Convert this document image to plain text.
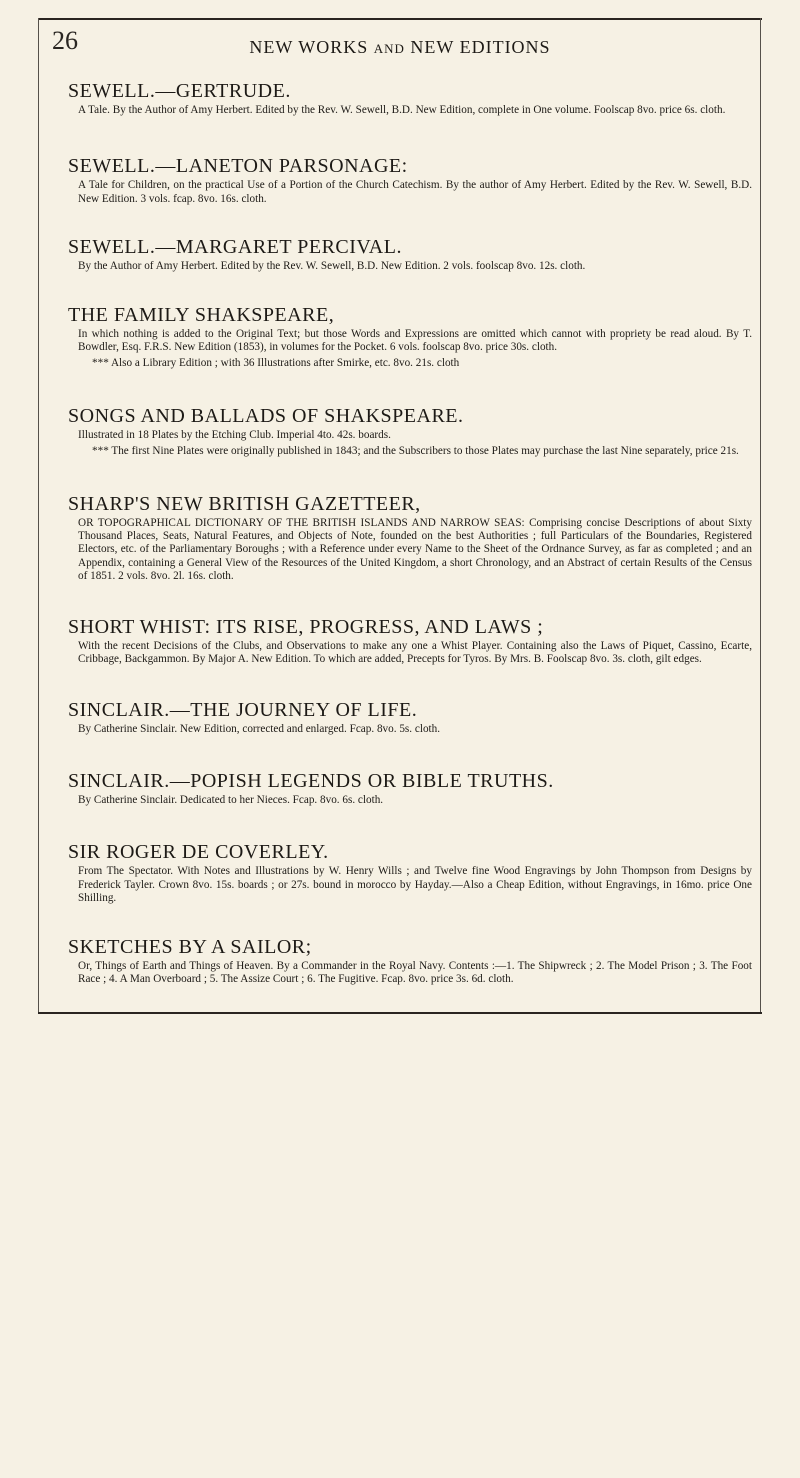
26	NEW WORKS AND NEW EDITIONS
SEWELL.—GERTRUDE.

A Tale. By the Author of Amy Herbert. Edited by the Rev. W. Sewell, B.D. New Edition, complete in One volume. Foolscap 8vo. price 6s. cloth.

SEWELL.—LANETON PARSONAGE:

A Tale for Children, on the practical Use of a Portion of the Church Catechism. By the author of Amy Herbert. Edited by the Rev. W. Sewell, B.D. New Edition. 3 vols. fcap. 8vo. 16s. cloth.

SEWELL.—MARGARET PERCIVAL.

By the Author of Amy Herbert. Edited by the Rev. W. Sewell, B.D. New Edition. 2 vols. foolscap 8vo. 12s. cloth.

THE FAMILY SHAKSPEARE,

In which nothing is added to the Original Text; but those Words and Expressions are omitted which cannot with propriety be read aloud. By T. Bowdler, Esq. F.R.S. New Edition (1853), in volumes for the Pocket. 6 vols. foolscap 8vo. price 30s. cloth.

*** Also a Library Edition ; with 36 Illustrations after Smirke, etc. 8vo. 21s. cloth

SONGS AND BALLADS OF SHAKSPEARE.

Illustrated in 18 Plates by the Etching Club. Imperial 4to. 42s. boards.

*** The first Nine Plates were originally published in 1843; and the Subscribers to those Plates may purchase the last Nine separately, price 21s.

SHARP'S NEW BRITISH GAZETTEER,

OR TOPOGRAPHICAL DICTIONARY OF THE BRITISH ISLANDS AND NARROW SEAS: Comprising concise Descriptions of about Sixty Thousand Places, Seats, Natural Features, and Objects of Note, founded on the best Authorities ; full Particulars of the Boundaries, Registered Electors, etc. of the Parliamentary Boroughs ; with a Reference under every Name to the Sheet of the Ordnance Survey, as far as completed ; and an Appendix, containing a General View of the Resources of the United Kingdom, a short Chronology, and an Abstract of certain Results of the Census of 1851. 2 vols. 8vo. 2l. 16s. cloth.

SHORT WHIST: ITS RISE, PROGRESS, AND LAWS ;

With the recent Decisions of the Clubs, and Observations to make any one a Whist Player. Containing also the Laws of Piquet, Cassino, Ecarte, Cribbage, Backgammon. By Major A. New Edition. To which are added, Precepts for Tyros. By Mrs. B. Foolscap 8vo. 3s. cloth, gilt edges.

SINCLAIR.—THE JOURNEY OF LIFE.

By Catherine Sinclair. New Edition, corrected and enlarged. Fcap. 8vo. 5s. cloth.

SINCLAIR.—POPISH LEGENDS OR BIBLE TRUTHS.

By Catherine Sinclair. Dedicated to her Nieces. Fcap. 8vo. 6s. cloth.

SIR ROGER DE COVERLEY.

From The Spectator. With Notes and Illustrations by W. Henry Wills ; and Twelve fine Wood Engravings by John Thompson from Designs by Frederick Tayler. Crown 8vo. 15s. boards ; or 27s. bound in morocco by Hayday.—Also a Cheap Edition, without Engravings, in 16mo. price One Shilling.

SKETCHES BY A SAILOR;

Or, Things of Earth and Things of Heaven. By a Commander in the Royal Navy. Contents :—1. The Shipwreck ; 2. The Model Prison ; 3. The Foot Race ; 4. A Man Overboard ; 5. The Assize Court ; 6. The Fugitive. Fcap. 8vo. price 3s. 6d. cloth.
